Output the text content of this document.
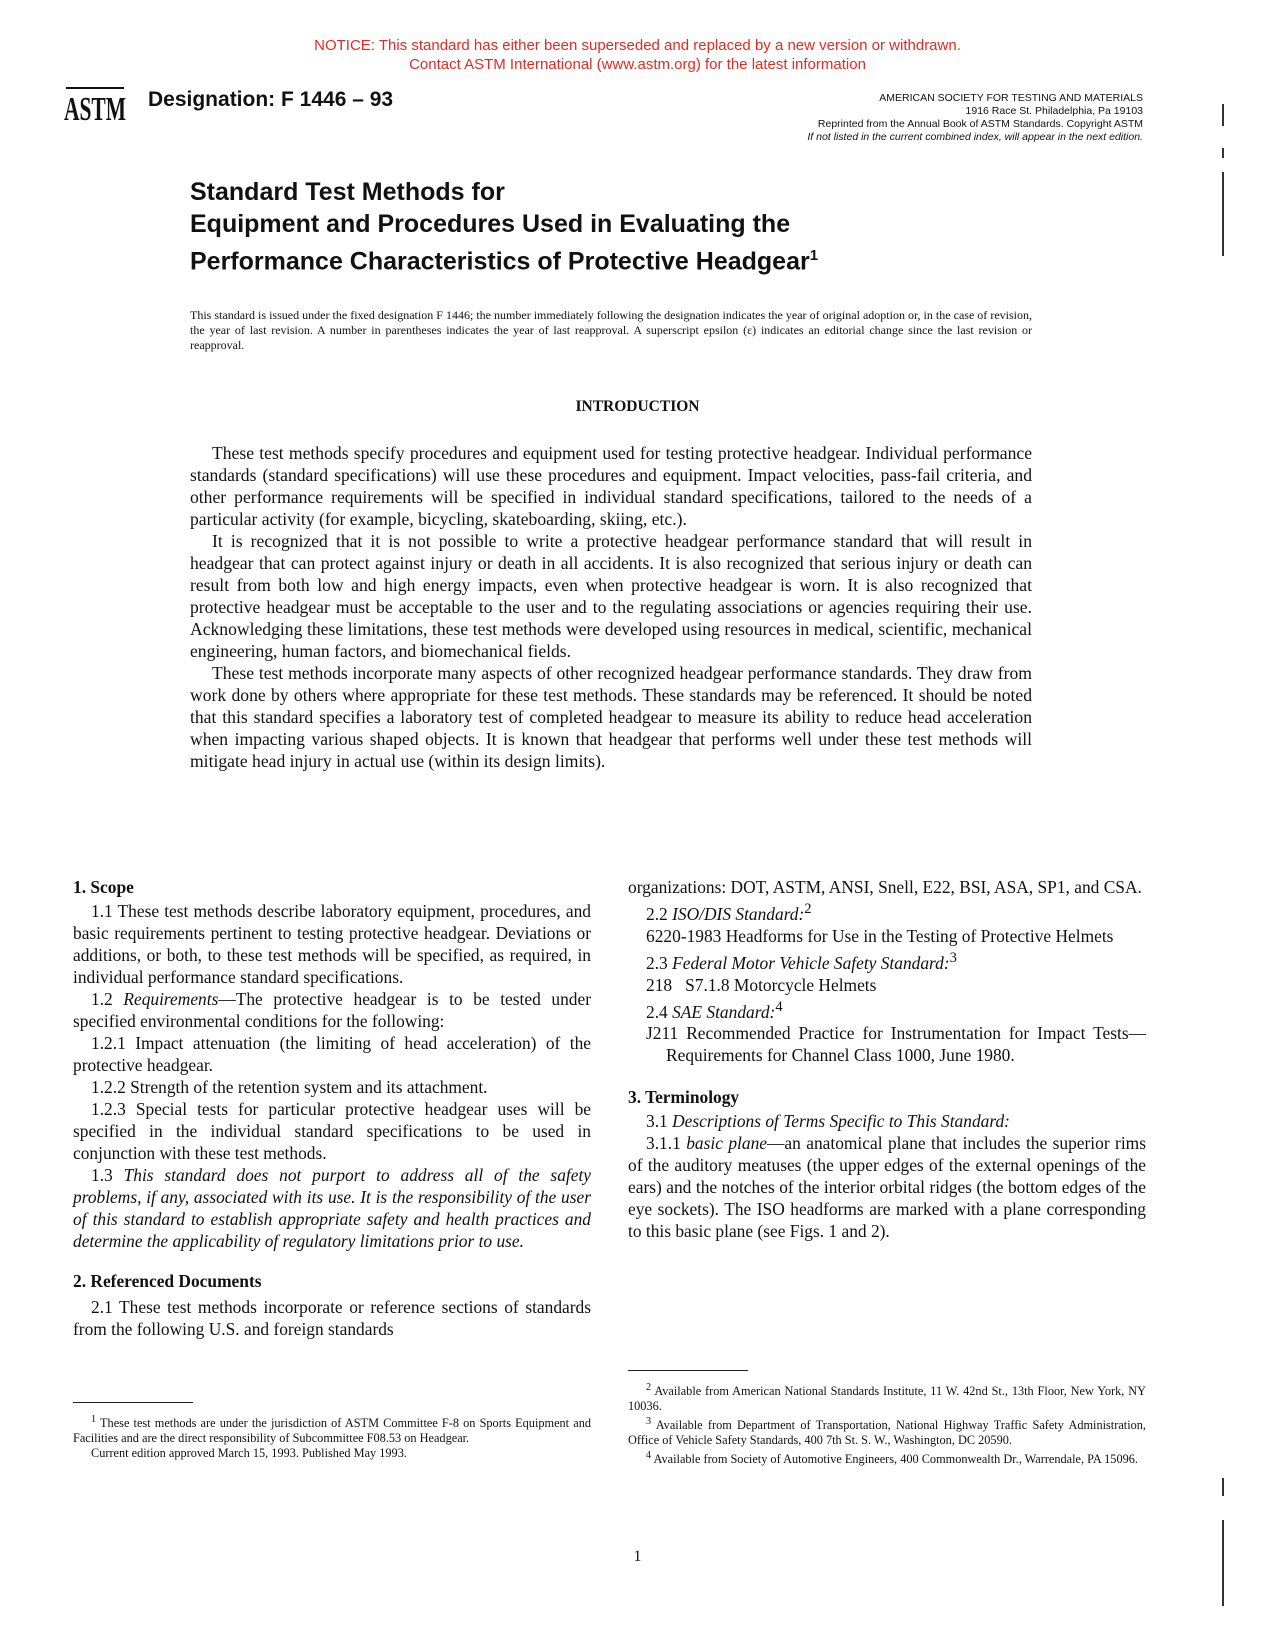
NOTICE: This standard has either been superseded and replaced by a new version or withdrawn.
Contact ASTM International (www.astm.org) for the latest information
ASTM Designation: F 1446 – 93	AMERICAN SOCIETY FOR TESTING AND MATERIALS
1916 Race St. Philadelphia, Pa 19103
Reprinted from the Annual Book of ASTM Standards. Copyright ASTM
If not listed in the current combined index, will appear in the next edition.
Standard Test Methods for
Equipment and Procedures Used in Evaluating the
Performance Characteristics of Protective Headgear$^1$
This standard is issued under the fixed designation F 1446; the number immediately following the designation indicates the year of original adoption or, in the case of revision, the year of last revision. A number in parentheses indicates the year of last reapproval. A superscript epsilon (ε) indicates an editorial change since the last revision or reapproval.
INTRODUCTION

These test methods specify procedures and equipment used for testing protective headgear. Individual performance standards (standard specifications) will use these procedures and equipment. Impact velocities, pass-fail criteria, and other performance requirements will be specified in individual standard specifications, tailored to the needs of a particular activity (for example, bicycling, skateboarding, skiing, etc.).

It is recognized that it is not possible to write a protective headgear performance standard that will result in headgear that can protect against injury or death in all accidents. It is also recognized that serious injury or death can result from both low and high energy impacts, even when protective headgear is worn. It is also recognized that protective headgear must be acceptable to the user and to the regulating associations or agencies requiring their use. Acknowledging these limitations, these test methods were developed using resources in medical, scientific, mechanical engineering, human factors, and biomechanical fields.

These test methods incorporate many aspects of other recognized headgear performance standards. They draw from work done by others where appropriate for these test methods. These standards may be referenced. It should be noted that this standard specifies a laboratory test of completed headgear to measure its ability to reduce head acceleration when impacting various shaped objects. It is known that headgear that performs well under these test methods will mitigate head injury in actual use (within its design limits).

1. Scope

1.1 These test methods describe laboratory equipment, procedures, and basic requirements pertinent to testing protective headgear. Deviations or additions, or both, to these test methods will be specified, as required, in individual performance standard specifications.

1.2 Requirements—The protective headgear is to be tested under specified environmental conditions for the following:

1.2.1 Impact attenuation (the limiting of head acceleration) of the protective headgear.

1.2.2 Strength of the retention system and its attachment.

1.2.3 Special tests for particular protective headgear uses will be specified in the individual standard specifications to be used in conjunction with these test methods.

1.3 This standard does not purport to address all of the safety problems, if any, associated with its use. It is the responsibility of the user of this standard to establish appropriate safety and health practices and determine the applicability of regulatory limitations prior to use.

2. Referenced Documents

2.1 These test methods incorporate or reference sections of standards from the following U.S. and foreign standards

$^1$ These test methods are under the jurisdiction of ASTM Committee F-8 on Sports Equipment and Facilities and are the direct responsibility of Subcommittee F08.53 on Headgear.

Current edition approved March 15, 1993. Published May 1993.

organizations: DOT, ASTM, ANSI, Snell, E22, BSI, ASA, SP1, and CSA.

2.2 ISO/DIS Standard:$^2$

6220-1983 Headforms for Use in the Testing of Protective Helmets

2.3 Federal Motor Vehicle Safety Standard:$^3$

218   S7.1.8 Motorcycle Helmets

2.4 SAE Standard:$^4$

J211 Recommended Practice for Instrumentation for Impact Tests—Requirements for Channel Class 1000, June 1980.

3. Terminology

3.1 Descriptions of Terms Specific to This Standard:

3.1.1 basic plane—an anatomical plane that includes the superior rims of the auditory meatuses (the upper edges of the external openings of the ears) and the notches of the interior orbital ridges (the bottom edges of the eye sockets). The ISO headforms are marked with a plane corresponding to this basic plane (see Figs. 1 and 2).

$^2$ Available from American National Standards Institute, 11 W. 42nd St., 13th Floor, New York, NY 10036.

$^3$ Available from Department of Transportation, National Highway Traffic Safety Administration, Office of Vehicle Safety Standards, 400 7th St. S. W., Washington, DC 20590.

$^4$ Available from Society of Automotive Engineers, 400 Commonwealth Dr., Warrendale, PA 15096.

1
